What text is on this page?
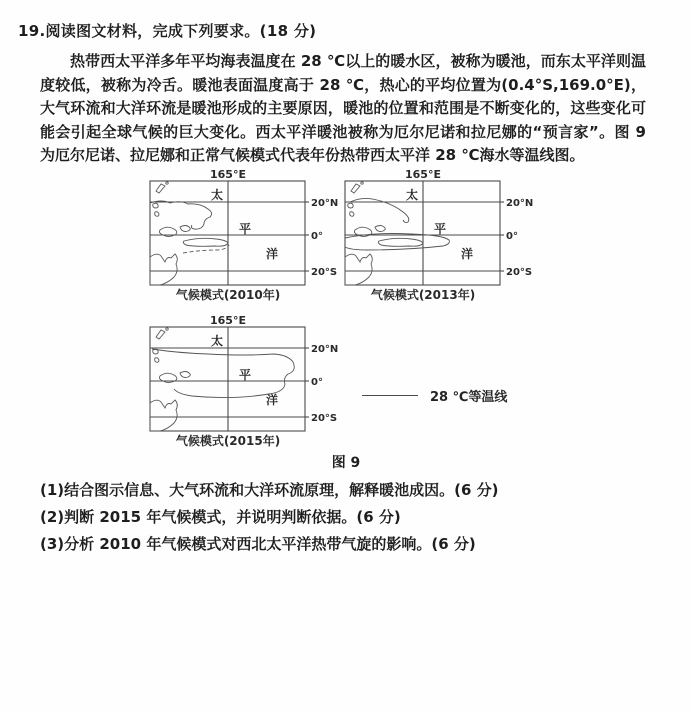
19.阅读图文材料，完成下列要求。(18 分)
热带西太平洋多年平均海表温度在 28 ℃以上的暖水区，被称为暖池，而东太平洋则温度较低，被称为冷舌。暖池表面温度高于 28 ℃，热心的平均位置为(0.4°S,169.0°E)，大气环流和大洋环流是暖池形成的主要原因，暖池的位置和范围是不断变化的，这些变化可能会引起全球气候的巨大变化。西太平洋暖池被称为厄尔尼诺和拉尼娜的“预言家”。图 9 为厄尔尼诺、拉尼娜和正常气候模式代表年份热带西太平洋 28 ℃海水等温线图。
165°E
20°N
0°
20°S
太
平
洋
气候模式(2010年)
165°E
20°N
0°
20°S
太
平
洋
气候模式(2013年)
165°E
20°N
0°
20°S
太
平
洋
气候模式(2015年)
28 ℃等温线
图 9
(1)结合图示信息、大气环流和大洋环流原理，解释暖池成因。(6 分)
(2)判断 2015 年气候模式，并说明判断依据。(6 分)
(3)分析 2010 年气候模式对西北太平洋热带气旋的影响。(6 分)
